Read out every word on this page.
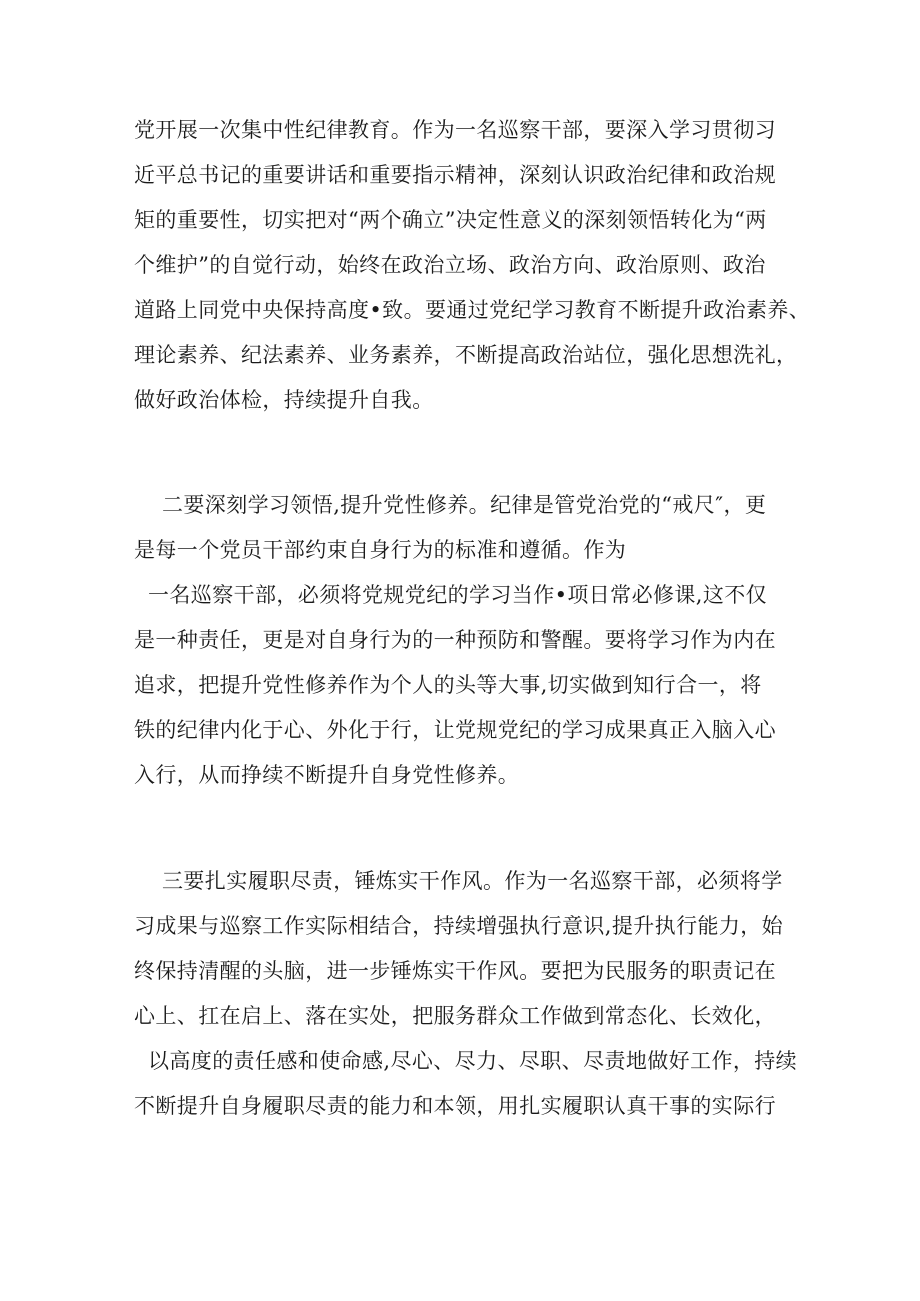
党开展一次集中性纪律教育。作为一名巡察干部，要深入学习贯彻习

近平总书记的重要讲话和重要指示精神，深刻认识政治纪律和政治规

矩的重要性，切实把对“两个确立”决定性意义的深刻领悟转化为“两

个维护”的自觉行动，始终在政治立场、政治方向、政治原则、政治

道路上同党中央保持高度•致。要通过党纪学习教育不断提升政治素养、

理论素养、纪法素养、业务素养，不断提高政治站位，强化思想洗礼，

做好政治体检，持续提升自我。

二要深刻学习领悟,提升党性修养。纪律是管党治党的“戒尺″，更

是每一个党员干部约束自身行为的标准和遵循。作为

一名巡察干部，必须将党规党纪的学习当作•项日常必修课,这不仅

是一种责任，更是对自身行为的一种预防和警醒。要将学习作为内在

追求，把提升党性修养作为个人的头等大事,切实做到知行合一，将

铁的纪律内化于心、外化于行，让党规党纪的学习成果真正入脑入心

入行，从而挣续不断提升自身党性修养。

三要扎实履职尽责，锤炼实干作风。作为一名巡察干部，必须将学

习成果与巡察工作实际相结合，持续增强执行意识,提升执行能力，始

终保持清醒的头脑，进一步锤炼实干作风。要把为民服务的职责记在

心上、扛在启上、落在实处，把服务群众工作做到常态化、长效化，

以高度的责任感和使命感,尽心、尽力、尽职、尽责地做好工作，持续

不断提升自身履职尽责的能力和本领，用扎实履职认真干事的实际行
